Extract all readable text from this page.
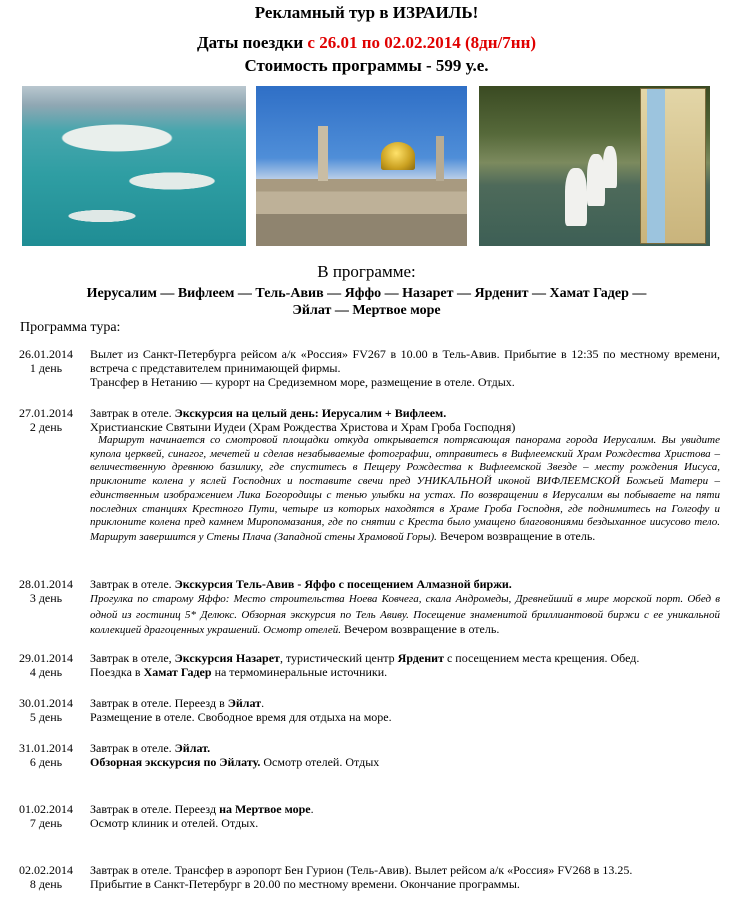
Рекламный тур в ИЗРАИЛЬ!
Даты поездки с 26.01 по 02.02.2014 (8дн/7нн)
Стоимость программы - 599 у.е.
В программе:
Иерусалим — Вифлеем — Тель-Авив — Яффо — Назарет — Ярденит — Хамат Гадер —
Эйлат — Мертвое море
Программа тура:
26.01.2014
1 день
Вылет из Санкт-Петербурга рейсом а/к «Россия» FV267 в 10.00 в Тель-Авив. Прибытие в 12:35 по местному времени, встреча с представителем принимающей фирмы.
Трансфер в Нетанию — курорт на Средиземном море, размещение в отеле. Отдых.
27.01.2014
2 день
Завтрак в отеле. Экскурсия на целый день: Иерусалим + Вифлеем.
Христианские Святыни Иудеи (Храм Рождества Христова и Храм Гроба Господня)

Маршрут начинается со смотровой площадки откуда открывается потрясающая панорама города Иерусалим. Вы увидите купола церквей, синагог, мечетей и сделав незабываемые фотографии, отправитесь в Вифлеемский Храм Рождества Христова – величественную древнюю базилику, где спуститесь в Пещеру Рождества к Вифлеемской Звезде – месту рождения Иисуса, приклоните колена у яслей Господних и поставите свечи пред УНИКАЛЬНОЙ иконой ВИФЛЕЕМСКОЙ Божьей Матери – единственным изображением Лика Богородицы с тенью улыбки на устах. По возвращении в Иерусалим вы побываете на пяти последних станциях Крестного Пути, четыре из которых находятся в Храме Гроба Господня, где поднимитесь на Голгофу и приклоните колена пред камнем Миропомазания, где по снятии с Креста было умащено благовониями бездыханное иисусово тело. Маршрут завершится у Стены Плача (Западной стены Храмовой Горы). Вечером возвращение в отель.
28.01.2014
3 день
Завтрак в отеле. Экскурсия Тель-Авив - Яффо с посещением Алмазной биржи.
Прогулка по старому Яффо: Место строительства Ноева Ковчега, скала Андромеды, Древнейший в мире морской порт. Обед в одной из гостиниц 5* Делюкс. Обзорная экскурсия по Тель Авиву. Посещение знаменитой бриллиантовой биржи с ее уникальной коллекцией драгоценных украшений. Осмотр отелей. Вечером возвращение в отель.
29.01.2014
4 день
Завтрак в отеле, Экскурсия Назарет, туристический центр Ярденит с посещением места крещения. Обед.
Поездка в Хамат Гадер на термоминеральные источники.
30.01.2014
5 день
Завтрак в отеле. Переезд в Эйлат.
Размещение в отеле. Свободное время для отдыха на море.
31.01.2014
6 день
Завтрак в отеле. Эйлат.
Обзорная экскурсия по Эйлату. Осмотр отелей. Отдых
01.02.2014
7 день
Завтрак в отеле. Переезд на Мертвое море.
Осмотр клиник и отелей. Отдых.
02.02.2014
8 день
Завтрак в отеле. Трансфер в аэропорт Бен Гурион (Тель-Авив). Вылет рейсом а/к «Россия» FV268 в 13.25.
Прибытие в Санкт-Петербург в 20.00 по местному времени. Окончание программы.
